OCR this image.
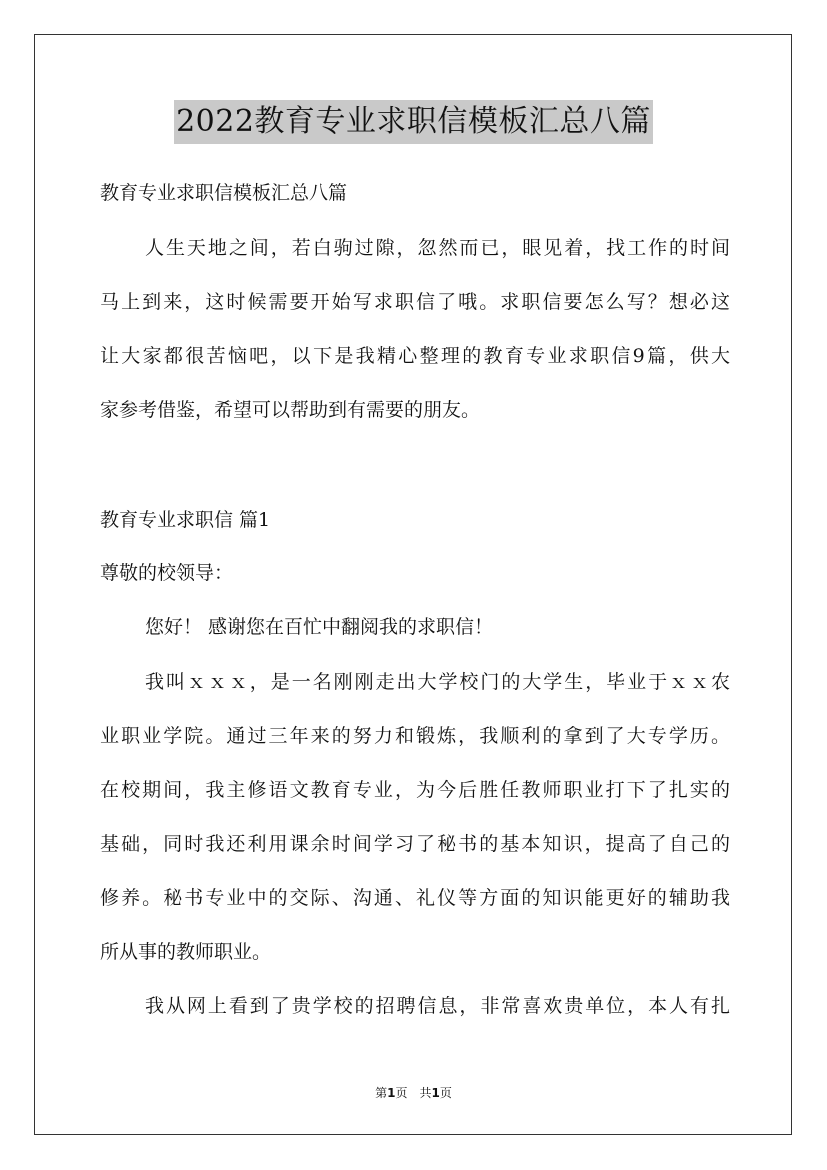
2022教育专业求职信模板汇总八篇
教育专业求职信模板汇总八篇
人生天地之间，若白驹过隙，忽然而已，眼见着，找工作的时间
马上到来，这时候需要开始写求职信了哦。求职信要怎么写？想必这
让大家都很苦恼吧，以下是我精心整理的教育专业求职信9篇，供大
家参考借鉴，希望可以帮助到有需要的朋友。
教育专业求职信 篇1
尊敬的校领导：
您好！ 感谢您在百忙中翻阅我的求职信！
我叫ｘｘｘ，是一名刚刚走出大学校门的大学生，毕业于ｘｘ农
业职业学院。通过三年来的努力和锻炼，我顺利的拿到了大专学历。
在校期间，我主修语文教育专业，为今后胜任教师职业打下了扎实的
基础，同时我还利用课余时间学习了秘书的基本知识，提高了自己的
修养。秘书专业中的交际、沟通、礼仪等方面的知识能更好的辅助我
所从事的教师职业。
我从网上看到了贵学校的招聘信息，非常喜欢贵单位，本人有扎
第1页　共1页
